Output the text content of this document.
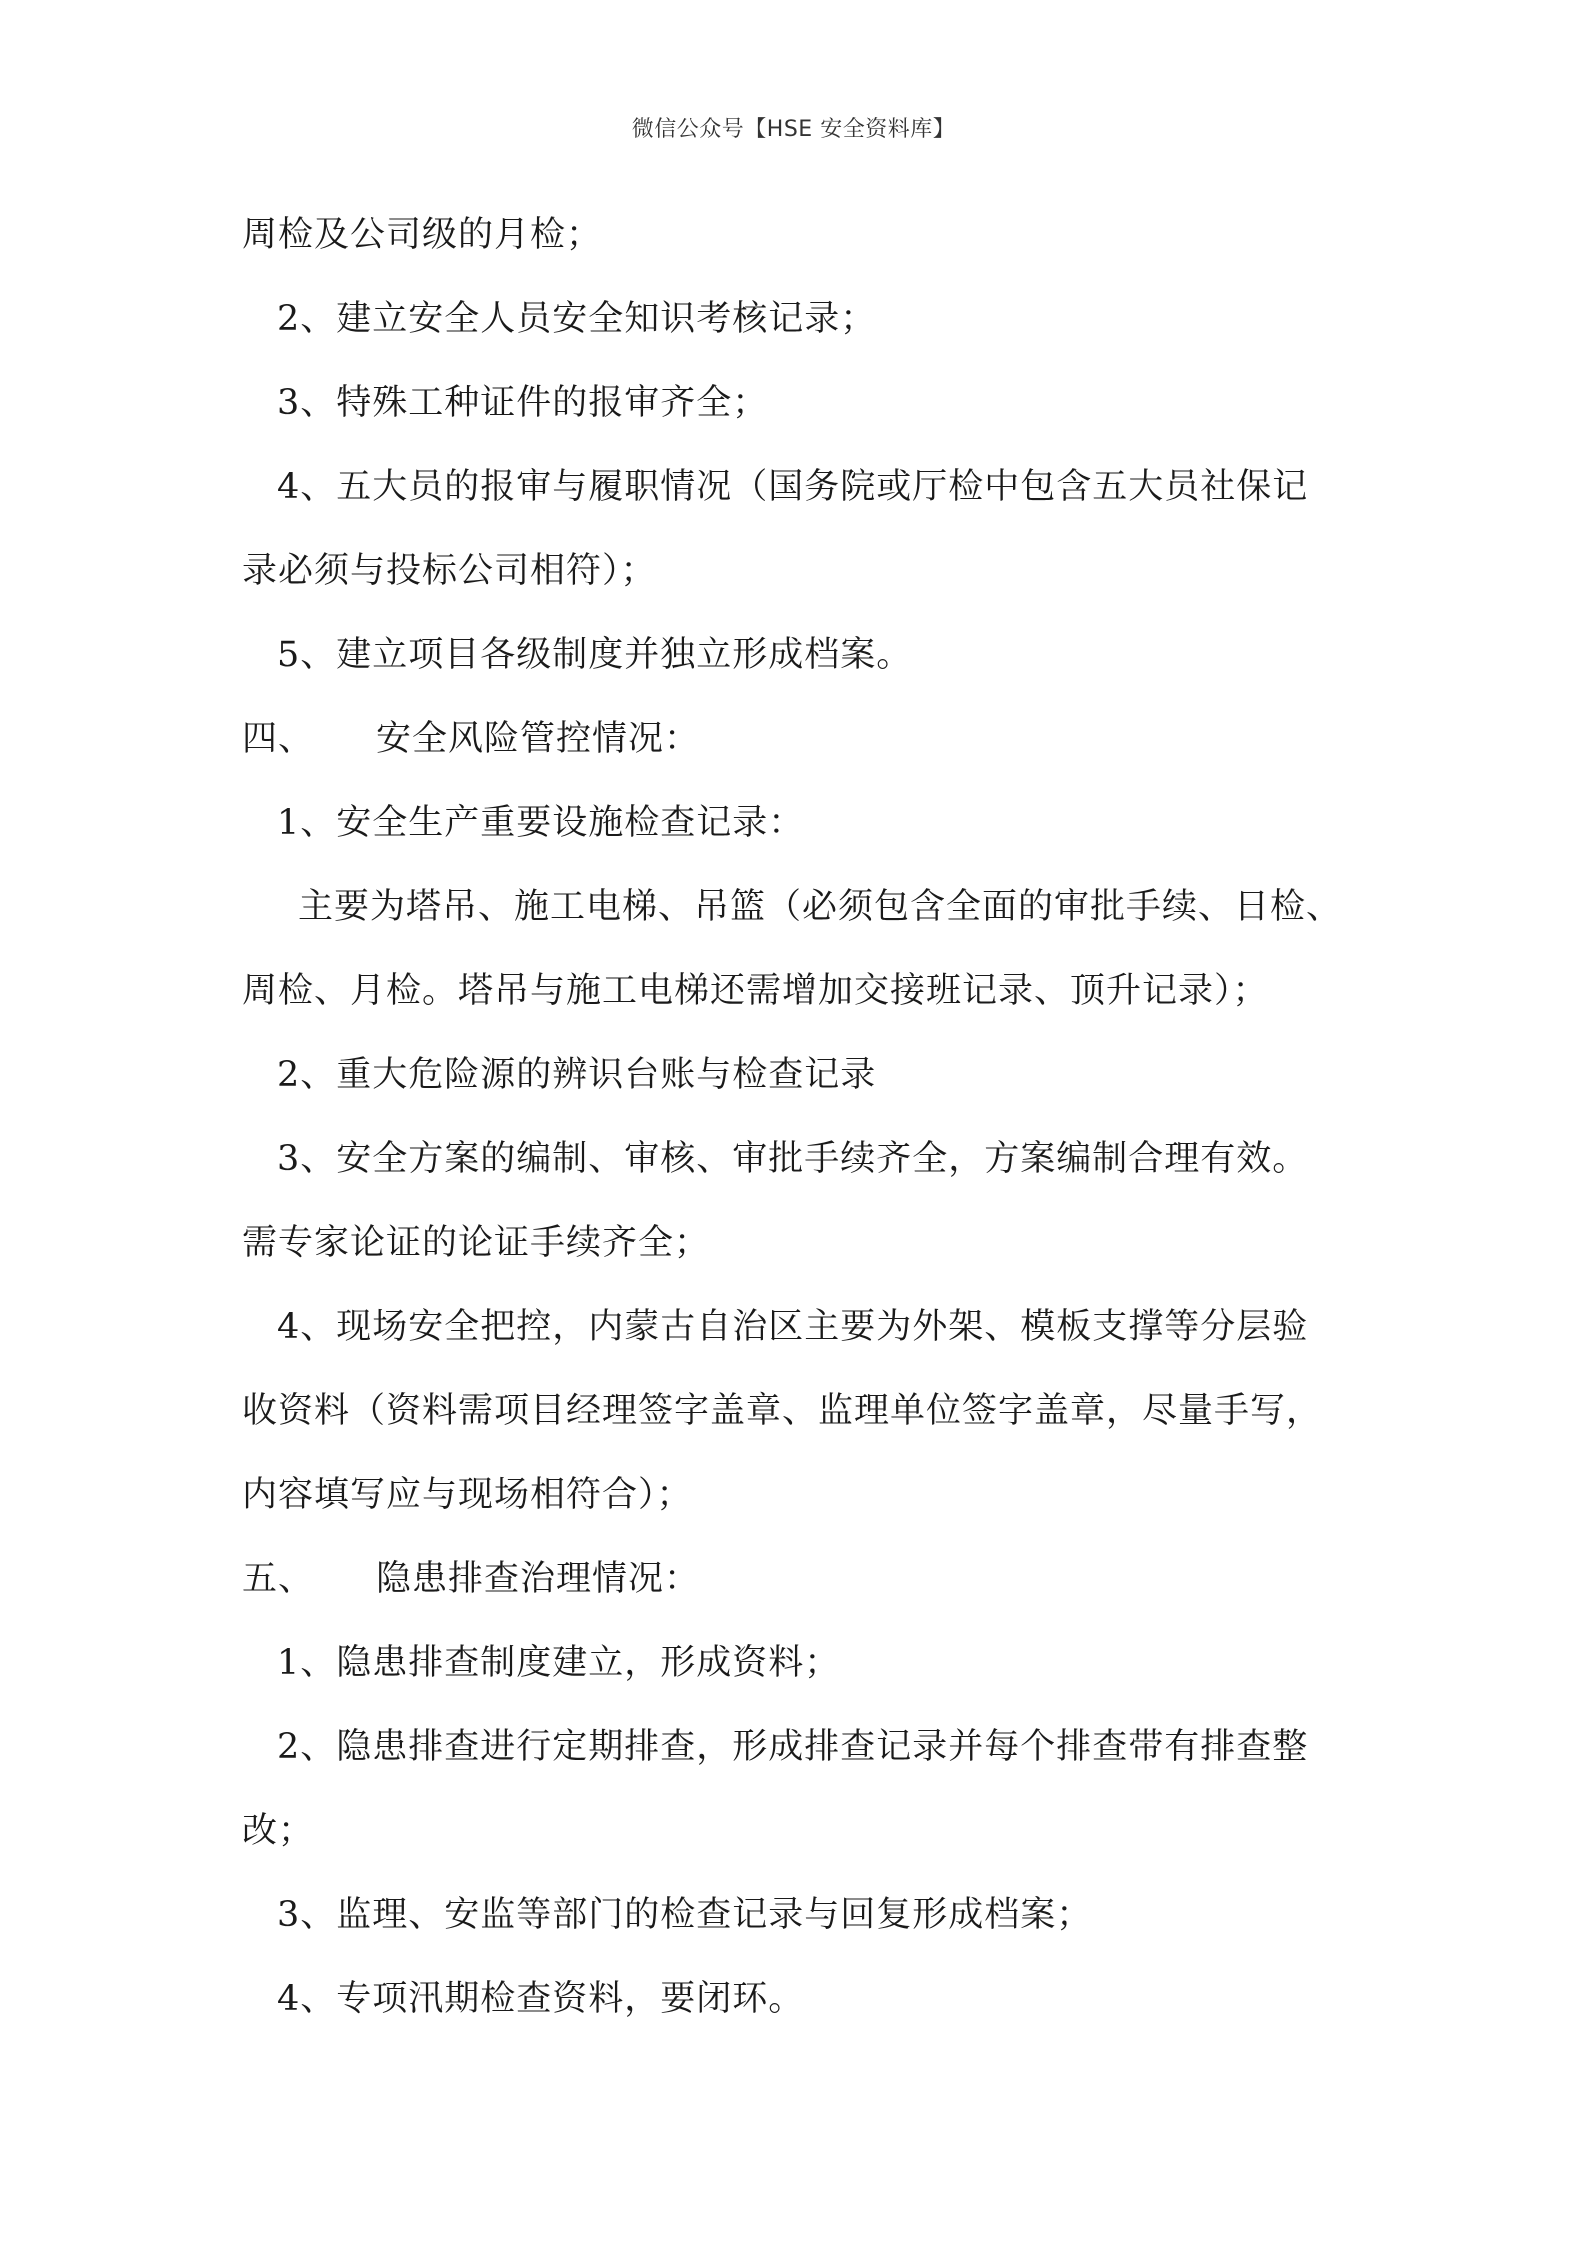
微信公众号【HSE 安全资料库】
周检及公司级的月检；
2、建立安全人员安全知识考核记录；
3、特殊工种证件的报审齐全；
4、五大员的报审与履职情况（国务院或厅检中包含五大员社保记
录必须与投标公司相符）；
5、建立项目各级制度并独立形成档案。
四、 安全风险管控情况：
1、安全生产重要设施检查记录：
主要为塔吊、施工电梯、吊篮（必须包含全面的审批手续、日检、
周检、月检。塔吊与施工电梯还需增加交接班记录、顶升记录）；
2、重大危险源的辨识台账与检查记录
3、安全方案的编制、审核、审批手续齐全，方案编制合理有效。
需专家论证的论证手续齐全；
4、现场安全把控，内蒙古自治区主要为外架、模板支撑等分层验
收资料（资料需项目经理签字盖章、监理单位签字盖章，尽量手写，
内容填写应与现场相符合）；
五、 隐患排查治理情况：
1、隐患排查制度建立，形成资料；
2、隐患排查进行定期排查，形成排查记录并每个排查带有排查整
改；
3、监理、安监等部门的检查记录与回复形成档案；
4、专项汛期检查资料，要闭环。
